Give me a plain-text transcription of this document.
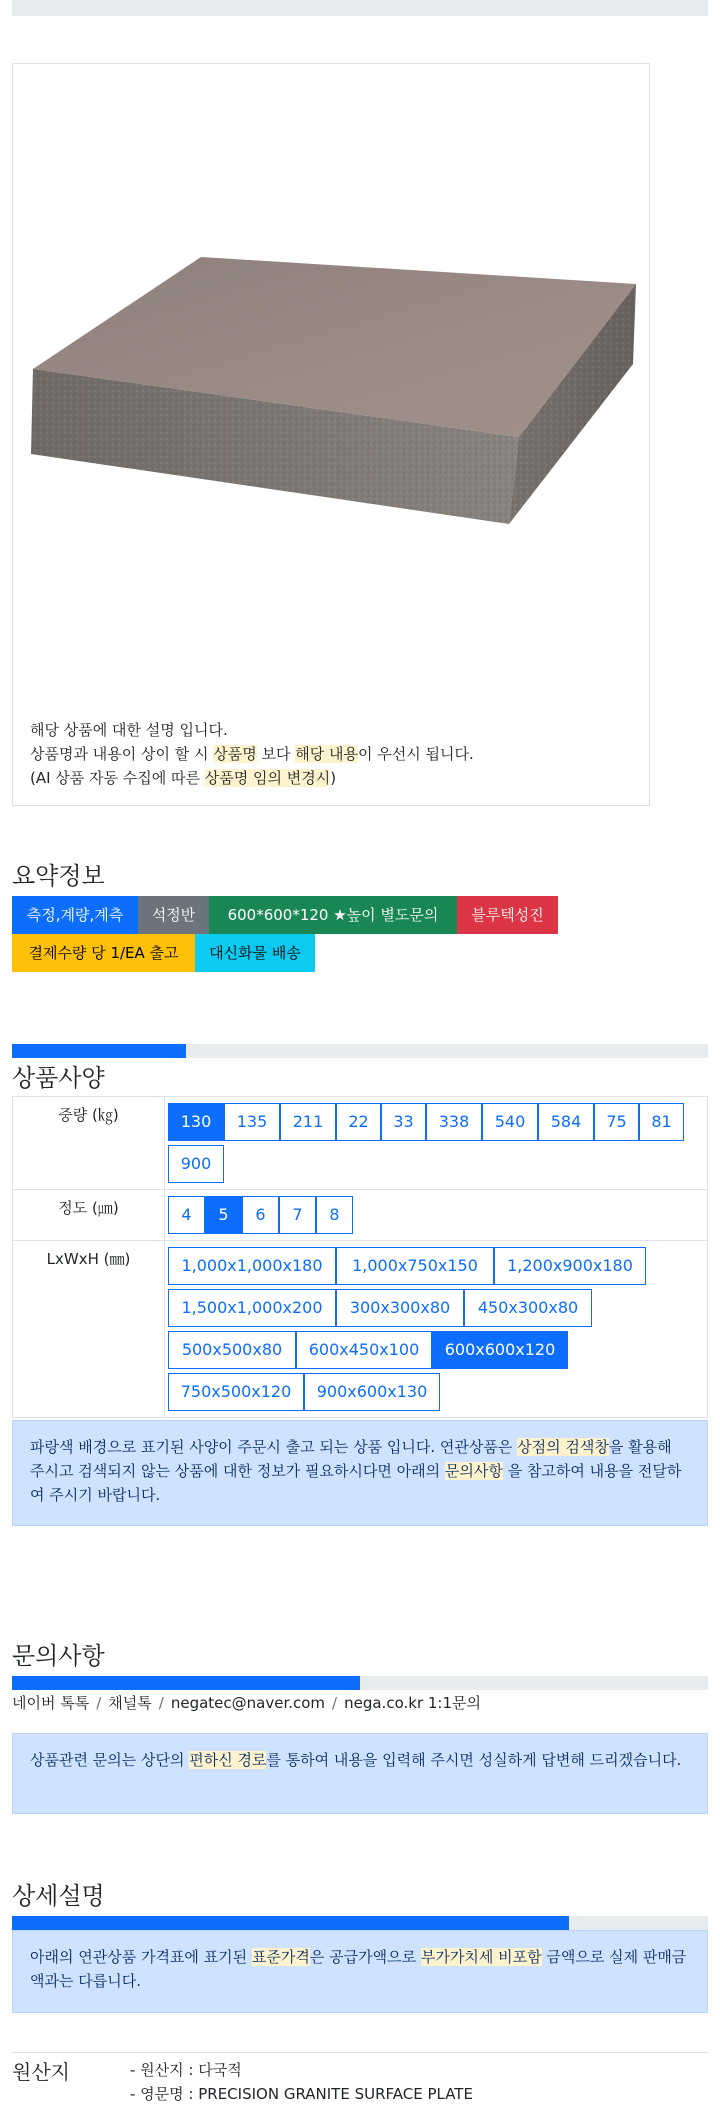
해당 상품에 대한 설명 입니다.
상품명과 내용이 상이 할 시 상품명 보다 해당 내용이 우선시 됩니다.
(AI 상품 자동 수집에 따른 상품명 임의 변경시)
요약정보
측정,계량,계측	석정반	600*600*120 ★높이 별도문의	블루텍성진
결제수량 당 1/EA 출고	대신화물 배송
상품사양
중량 (㎏)	130 135 211 22 33 338 540 584 75 81
900

정도 (㎛)	4 5 6 7 8

LxWxH (㎜)	1,000x1,000x180 1,000x750x150 1,200x900x180
1,500x1,000x200 300x300x80 450x300x80
500x500x80 600x450x100 600x600x120
750x500x120 900x600x130
파랑색 배경으로 표기된 사양이 주문시 출고 되는 상품 입니다. 연관상품은 상점의 검색창을 활용해 주시고 검색되지 않는 상품에 대한 정보가 필요하시다면 아래의 문의사항 을 참고하여 내용을 전달하여 주시기 바랍니다.
문의사항
네이버 톡톡 / 채널톡 / negatec@naver.com / nega.co.kr 1:1문의
상품관련 문의는 상단의 편하신 경로를 통하여 내용을 입력해 주시면 성실하게 답변해 드리겠습니다.
상세설명
아래의 연관상품 가격표에 표기된 표준가격은 공급가액으로 부가가치세 비포함 금액으로 실제 판매금액과는 다릅니다.
원산지	- 원산지 : 다국적
- 영문명 : PRECISION GRANITE SURFACE PLATE
